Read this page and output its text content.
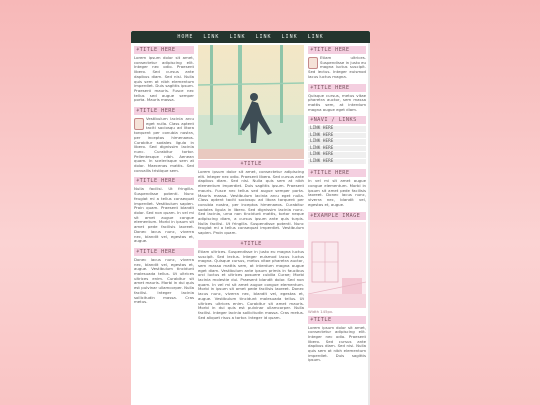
HOME LINK LINK LINK LINK LINK
⚘TITLE HERE
Lorem ipsum dolor sit amet, consectetur adipiscing elit. Integer nec odio. Praesent libero. Sed cursus ante dapibus diam. Sed nisi. Nulla quis sem at nibh elementum imperdiet. Duis sagittis ipsum. Praesent mauris. Fusce nec tellus sed augue semper porta. Mauris massa.
⚘TITLE HERE
Vestibulum lacinia arcu eget nulla. Class aptent taciti sociosqu ad litora torquent per conubia nostra, per inceptos himenaeos. Curabitur sodales ligula in libero. Sed dignissim lacinia nunc. Curabitur tortor. Pellentesque nibh. Aenean quam. In scelerisque sem at dolor. Maecenas mattis. Sed convallis tristique sem.
⚘TITLE HERE
Nulla facilisi. Ut fringilla. Suspendisse potenti. Nunc feugiat mi a tellus consequat imperdiet. Vestibulum sapien. Proin quam. Praesent blandit dolor. Sed non quam. In vel mi sit amet augue congue elementum. Morbi in ipsum sit amet pede facilisis laoreet. Donec lacus nunc, viverra nec, blandit vel, egestas et, augue.
⚘TITLE HERE
Donec lacus nunc, viverra nec, blandit vel, egestas et, augue. Vestibulum tincidunt malesuada tellus. Ut ultrices ultrices enim. Curabitur sit amet mauris. Morbi in dui quis est pulvinar ullamcorper. Nulla facilisi. Integer lacinia sollicitudin massa. Cras metus.
⚘TITLE
Lorem ipsum dolor sit amet, consectetur adipiscing elit. Integer nec odio. Praesent libero. Sed cursus ante dapibus diam. Sed nisi. Nulla quis sem at nibh elementum imperdiet. Duis sagittis ipsum. Praesent mauris. Fusce nec tellus sed augue semper porta. Mauris massa. Vestibulum lacinia arcu eget nulla. Class aptent taciti sociosqu ad litora torquent per conubia nostra, per inceptos himenaeos. Curabitur sodales ligula in libero. Sed dignissim lacinia nunc. Sed lacinia, urna non tincidunt mattis, tortor neque adipiscing diam, a cursus ipsum ante quis turpis. Nulla facilisi. Ut fringilla. Suspendisse potenti. Nunc feugiat mi a tellus consequat imperdiet. Vestibulum sapien. Proin quam.
⚘TITLE
Etiam ultrices. Suspendisse in justo eu magna luctus suscipit. Sed lectus. Integer euismod lacus luctus magna. Quisque cursus, metus vitae pharetra auctor, sem massa mattis sem, at interdum magna augue eget diam. Vestibulum ante ipsum primis in faucibus orci luctus et ultrices posuere cubilia Curae; Morbi lacinia molestie dui. Praesent blandit dolor. Sed non quam. In vel mi sit amet augue congue elementum. Morbi in ipsum sit amet pede facilisis laoreet. Donec lacus nunc, viverra nec, blandit vel, egestas et, augue. Vestibulum tincidunt malesuada tellus. Ut ultrices ultrices enim. Curabitur sit amet mauris. Morbi in dui quis est pulvinar ullamcorper. Nulla facilisi. Integer lacinia sollicitudin massa. Cras metus. Sed aliquet risus a tortor. Integer id quam.
⚘TITLE HERE
Etiam ultrices. Suspendisse in justo eu magna luctus suscipit. Sed lectus. Integer euismod lacus luctus magna.
⚘TITLE HERE
Quisque cursus, metus vitae pharetra auctor, sem massa mattis sem, at interdum magna augue eget diam.
⚘NAVI / LINKS
LINK HERE
LINK HERE
LINK HERE
LINK HERE
LINK HERE
LINK HERE
⚘TITLE HERE
In vel mi sit amet augue congue elementum. Morbi in ipsum sit amet pede facilisis laoreet. Donec lacus nunc, viverra nec, blandit vel, egestas et, augue.
⚘EXAMPLE IMAGE
Width 145px.
⚘TITLE
Lorem ipsum dolor sit amet, consectetur adipiscing elit. Integer nec odio. Praesent libero. Sed cursus ante dapibus diam. Sed nisi. Nulla quis sem at nibh elementum imperdiet. Duis sagittis ipsum.
